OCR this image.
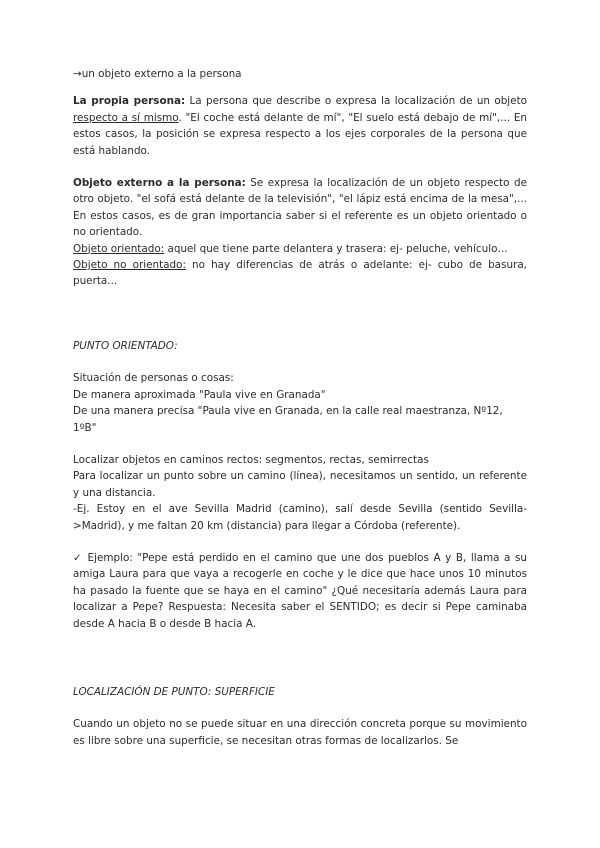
→un objeto externo a la persona

La propia persona: La persona que describe o expresa la localización de un objeto respecto a sí mismo. "El coche está delante de mí", "El suelo está debajo de mí",... En estos casos, la posición se expresa respecto a los ejes corporales de la persona que está hablando.

Objeto externo a la persona: Se expresa la localización de un objeto respecto de otro objeto. "el sofá está delante de la televisión", "el lápiz está encima de la mesa",... En estos casos, es de gran importancia saber si el referente es un objeto orientado o no orientado.

Objeto orientado: aquel que tiene parte delantera y trasera: ej- peluche, vehículo…

Objeto no orientado: no hay diferencias de atrás o adelante: ej- cubo de basura, puerta...

PUNTO ORIENTADO:

Situación de personas o cosas:

De manera aproximada "Paula vive en Granada"

De una manera precisa "Paula vive en Granada, en la calle real maestranza, Nº12, 1ºB"

Localizar objetos en caminos rectos: segmentos, rectas, semirrectas

Para localizar un punto sobre un camino (línea), necesitamos un sentido, un referente y una distancia.

-Ej. Estoy en el ave Sevilla Madrid (camino), salí desde Sevilla (sentido Sevilla- >Madrid), y me faltan 20 km (distancia) para llegar a Córdoba (referente).

✓ Ejemplo: "Pepe está perdido en el camino que une dos pueblos A y B, llama a su amiga Laura para que vaya a recogerle en coche y le dice que hace unos 10 minutos ha pasado la fuente que se haya en el camino" ¿Qué necesitaría además Laura para localizar a Pepe? Respuesta: Necesita saber el SENTIDO; es decir si Pepe caminaba desde A hacia B o desde B hacia A.

LOCALIZACIÓN DE PUNTO: SUPERFICIE

Cuando un objeto no se puede situar en una dirección concreta porque su movimiento es libre sobre una superficie, se necesitan otras formas de localizarlos. Se
